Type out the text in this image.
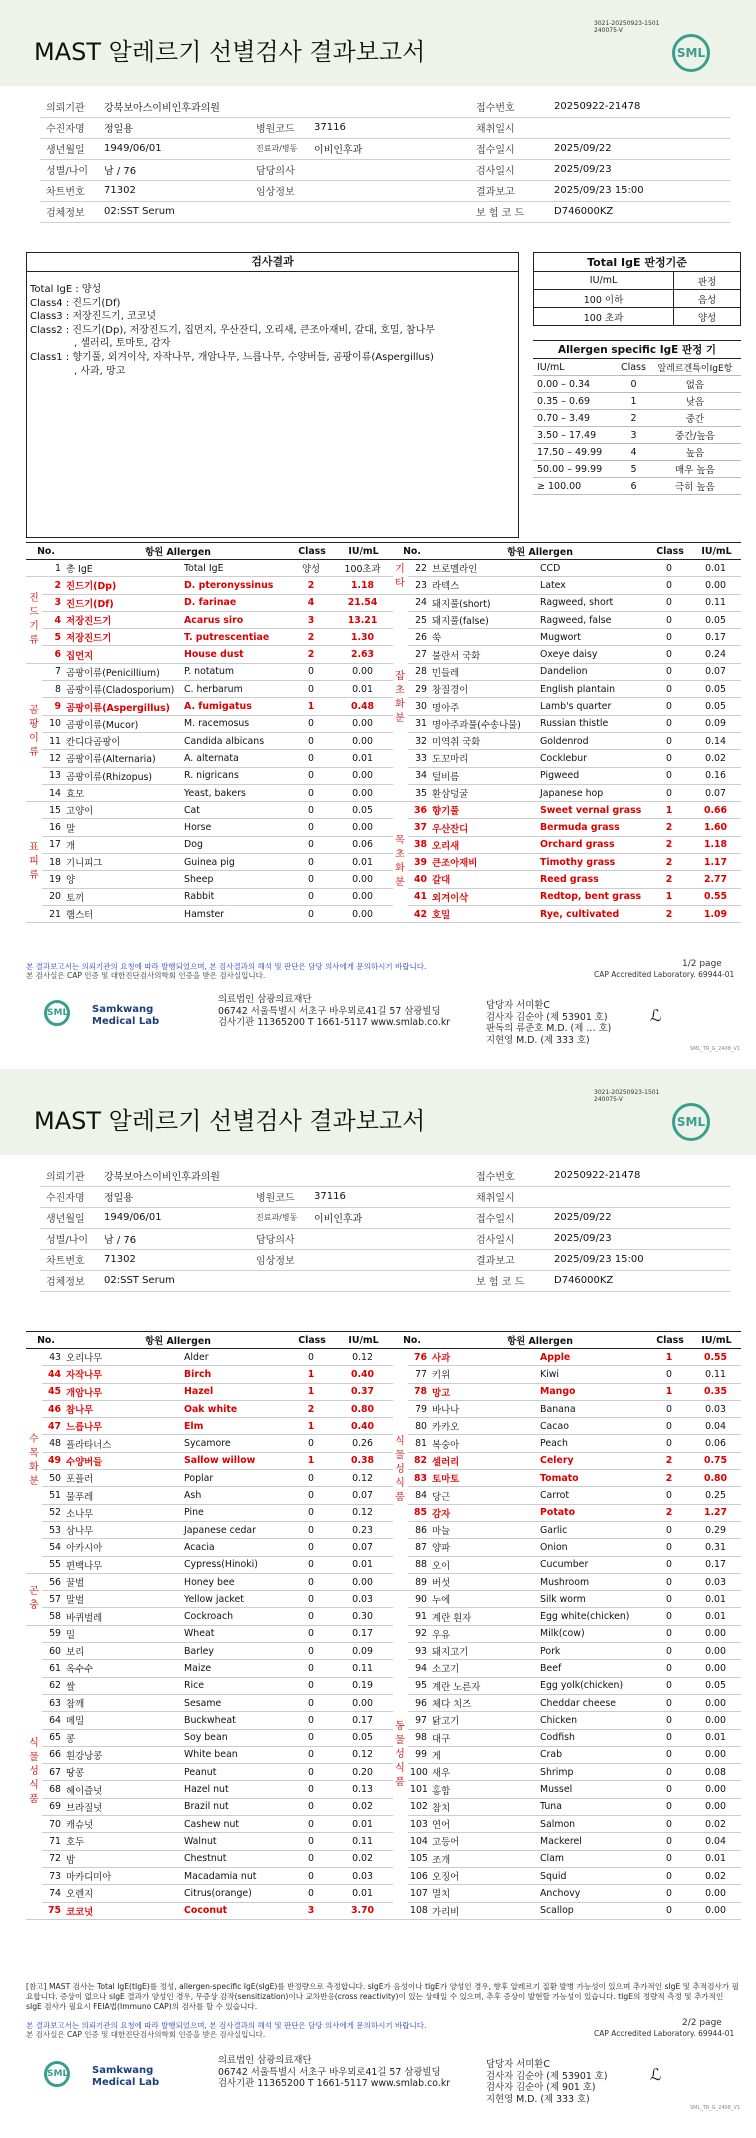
MAST 알레르기 선별검사 결과보고서
3021-20250923-1501
240075-V
SML
의뢰기관	강북보아스이비인후과의원			접수번호	20250922-21478
수진자명	정일용	병원코드	37116	채취일시	
생년월일	1949/06/01	진료과/병동	이비인후과	접수일시	2025/09/22
성별/나이	남 / 76	담당의사		검사일시	2025/09/23
차트번호	71302	임상정보		결과보고	2025/09/23 15:00
검체정보	02:SST Serum			보 험 코 드	D746000KZ
검사결과
Total IgE : 양성
Class4 : 진드기(Df)
Class3 : 저장진드기, 코코넛
Class2 : 진드기(Dp), 저장진드기, 집먼지, 우산잔디, 오리새, 큰조아재비, 갈대, 호밀, 참나무
, 셀러리, 토마토, 감자
Class1 : 향기풀, 외겨이삭, 자작나무, 개암나무, 느릅나무, 수양버들, 곰팡이류(Aspergillus)
, 사과, 망고
Total IgE 판정기준	
IU/mL	판정
100 이하	음성
100 초과	양성
Allergen specific IgE 판정 기		
IU/mL	Class	알레르겐특이IgE항
0.00 – 0.34	0	없음
0.35 – 0.69	1	낮음
0.70 – 3.49	2	중간
3.50 – 17.49	3	중간/높음
17.50 – 49.99	4	높음
50.00 – 99.99	5	매우 높음
≥ 100.00	6	극히 높음
No.		항원 Allergen		Class	IU/mL
	1	총 IgE	Total IgE	양성	100초과

진
드
기
류	2	진드기(Dp)	D. pteronyssinus	2	1.18
	3	진드기(Df)	D. farinae	4	21.54
	4	저장진드기	Acarus siro	3	13.21
	5	저장진드기	T. putrescentiae	2	1.30
	6	집먼지	House dust	2	2.63

곰
팡
이
류	7	곰팡이류(Penicillium)	P. notatum	0	0.00
	8	곰팡이류(Cladosporium)	C. herbarum	0	0.01
	9	곰팡이류(Aspergillus)	A. fumigatus	1	0.48
	10	곰팡이류(Mucor)	M. racemosus	0	0.00
	11	칸디다곰팡이	Candida albicans	0	0.00
	12	곰팡이류(Alternaria)	A. alternata	0	0.01
	13	곰팡이류(Rhizopus)	R. nigricans	0	0.00
	14	효모	Yeast, bakers	0	0.00

표
피
류	15	고양이	Cat	0	0.05
	16	말	Horse	0	0.00
	17	개	Dog	0	0.06
	18	기니피그	Guinea pig	0	0.01
	19	양	Sheep	0	0.00
	20	토끼	Rabbit	0	0.00
	21	햄스터	Hamster	0	0.00
No.		항원 Allergen		Class	IU/mL

기
타	22	브로멜라인	CCD	0	0.01
	23	라텍스	Latex	0	0.00

잡
초
화
분	24	돼지풀(short)	Ragweed, short	0	0.11
	25	돼지풀(false)	Ragweed, false	0	0.05
	26	쑥	Mugwort	0	0.17
	27	불란서 국화	Oxeye daisy	0	0.24
	28	민들레	Dandelion	0	0.07
	29	창질경이	English plantain	0	0.05
	30	명아주	Lamb's quarter	0	0.05
	31	명아주과풀(수송나물)	Russian thistle	0	0.09
	32	미역취 국화	Goldenrod	0	0.14
	33	도꼬마리	Cocklebur	0	0.02
	34	털비름	Pigweed	0	0.16
	35	환삼덩굴	Japanese hop	0	0.07

목
초
화
분	36	향기풀	Sweet vernal grass	1	0.66
	37	우산잔디	Bermuda grass	2	1.60
	38	오리새	Orchard grass	2	1.18
	39	큰조아재비	Timothy grass	2	1.17
	40	갈대	Reed grass	2	2.77
	41	외겨이삭	Redtop, bent grass	1	0.55
	42	호밀	Rye, cultivated	2	1.09
본 결과보고서는 의뢰기관의 요청에 따라 발행되었으며, 본 검사결과의 해석 및 판단은 담당 의사에게 문의하시기 바랍니다.
본 검사실은 CAP 인증 및 대한진단검사의학회 인증을 받은 검사실입니다.
1/2 page
CAP Accredited Laboratory. 69944-01
SML Samkwang
Medical Lab
의료법인 삼광의료재단
06742 서울특별시 서초구 바우뫼로41길 57 삼광빌딩
검사기관 11365200 T 1661-5117 www.smlab.co.kr
담당자 서미환C
검사자 김순아 (제 53901 호)
판독의 류준호 M.D. (제 … 호)
지현영 M.D. (제 333 호)
ℒ
SML_TR_G_2408_V1
MAST 알레르기 선별검사 결과보고서
3021-20250923-1501
240075-V
SML
의뢰기관	강북보아스이비인후과의원			접수번호	20250922-21478
수진자명	정일용	병원코드	37116	채취일시	
생년월일	1949/06/01	진료과/병동	이비인후과	접수일시	2025/09/22
성별/나이	남 / 76	담당의사		검사일시	2025/09/23
차트번호	71302	임상정보		결과보고	2025/09/23 15:00
검체정보	02:SST Serum			보 험 코 드	D746000KZ
No.		항원 Allergen		Class	IU/mL

수
목
화
분	43	오리나무	Alder	0	0.12
	44	자작나무	Birch	1	0.40
	45	개암나무	Hazel	1	0.37
	46	참나무	Oak white	2	0.80
	47	느릅나무	Elm	1	0.40
	48	플라타너스	Sycamore	0	0.26
	49	수양버들	Sallow willow	1	0.38
	50	포플러	Poplar	0	0.12
	51	물푸레	Ash	0	0.07
	52	소나무	Pine	0	0.12
	53	삼나무	Japanese cedar	0	0.23
	54	아카시아	Acacia	0	0.07
	55	편백나무	Cypress(Hinoki)	0	0.01

곤
충	56	꿀벌	Honey bee	0	0.00
	57	말벌	Yellow jacket	0	0.03
	58	바퀴벌레	Cockroach	0	0.30

식
물
성
식
품	59	밀	Wheat	0	0.17
	60	보리	Barley	0	0.09
	61	옥수수	Maize	0	0.11
	62	쌀	Rice	0	0.19
	63	참깨	Sesame	0	0.00
	64	메밀	Buckwheat	0	0.17
	65	콩	Soy bean	0	0.05
	66	흰강낭콩	White bean	0	0.12
	67	땅콩	Peanut	0	0.20
	68	헤이즐넛	Hazel nut	0	0.13
	69	브라질넛	Brazil nut	0	0.02
	70	캐슈넛	Cashew nut	0	0.01
	71	호두	Walnut	0	0.11
	72	밤	Chestnut	0	0.02
	73	마카디미아	Macadamia nut	0	0.03
	74	오렌지	Citrus(orange)	0	0.01
	75	코코넛	Coconut	3	3.70
No.		항원 Allergen		Class	IU/mL

식
물
성
식
품	76	사과	Apple	1	0.55
	77	키위	Kiwi	0	0.11
	78	망고	Mango	1	0.35
	79	바나나	Banana	0	0.03
	80	카카오	Cacao	0	0.04
	81	복숭아	Peach	0	0.06
	82	셀러리	Celery	2	0.75
	83	토마토	Tomato	2	0.80
	84	당근	Carrot	0	0.25
	85	감자	Potato	2	1.27
	86	마늘	Garlic	0	0.29
	87	양파	Onion	0	0.31
	88	오이	Cucumber	0	0.17
	89	버섯	Mushroom	0	0.03

동
물
성
식
품	90	누에	Silk worm	0	0.01
	91	계란 흰자	Egg white(chicken)	0	0.01
	92	우유	Milk(cow)	0	0.00
	93	돼지고기	Pork	0	0.00
	94	소고기	Beef	0	0.00
	95	계란 노른자	Egg yolk(chicken)	0	0.05
	96	체다 치즈	Cheddar cheese	0	0.00
	97	닭고기	Chicken	0	0.00
	98	대구	Codfish	0	0.01
	99	게	Crab	0	0.00
	100	새우	Shrimp	0	0.08
	101	홍합	Mussel	0	0.00
	102	참치	Tuna	0	0.00
	103	연어	Salmon	0	0.02
	104	고등어	Mackerel	0	0.04
	105	조개	Clam	0	0.01
	106	오징어	Squid	0	0.02
	107	멸치	Anchovy	0	0.00
	108	가리비	Scallop	0	0.00
[참고] MAST 검사는 Total IgE(tIgE)를 정성, allergen-specific IgE(sIgE)를 반정량으로 측정합니다. sIgE가 음성이나 tIgE가 양성인 경우, 향후 알레르기 질환 발병 가능성이 있으며 추가적인 sIgE 및 추적검사가 필요합니다. 증상이 없으나 sIgE 결과가 양성인 경우, 무증상 감작(sensitization)이나 교차반응(cross reactivity)이 있는 상태일 수 있으며, 추후 증상이 발현할 가능성이 있습니다. tIgE의 정량적 측정 및 추가적인 sIgE 검사가 필요시 FEIA법(Immuno CAP)의 검사를 할 수 있습니다.
본 결과보고서는 의뢰기관의 요청에 따라 발행되었으며, 본 검사결과의 해석 및 판단은 담당 의사에게 문의하시기 바랍니다.
본 검사실은 CAP 인증 및 대한진단검사의학회 인증을 받은 검사실입니다.
2/2 page
CAP Accredited Laboratory. 69944-01
SML Samkwang
Medical Lab
의료법인 삼광의료재단
06742 서울특별시 서초구 바우뫼로41길 57 삼광빌딩
검사기관 11365200 T 1661-5117 www.smlab.co.kr
담당자 서미환C
검사자 김순아 (제 53901 호)
검사자 김순아 (제 901 호)
지현영 M.D. (제 333 호)
ℒ
SML_TR_G_2408_V1
